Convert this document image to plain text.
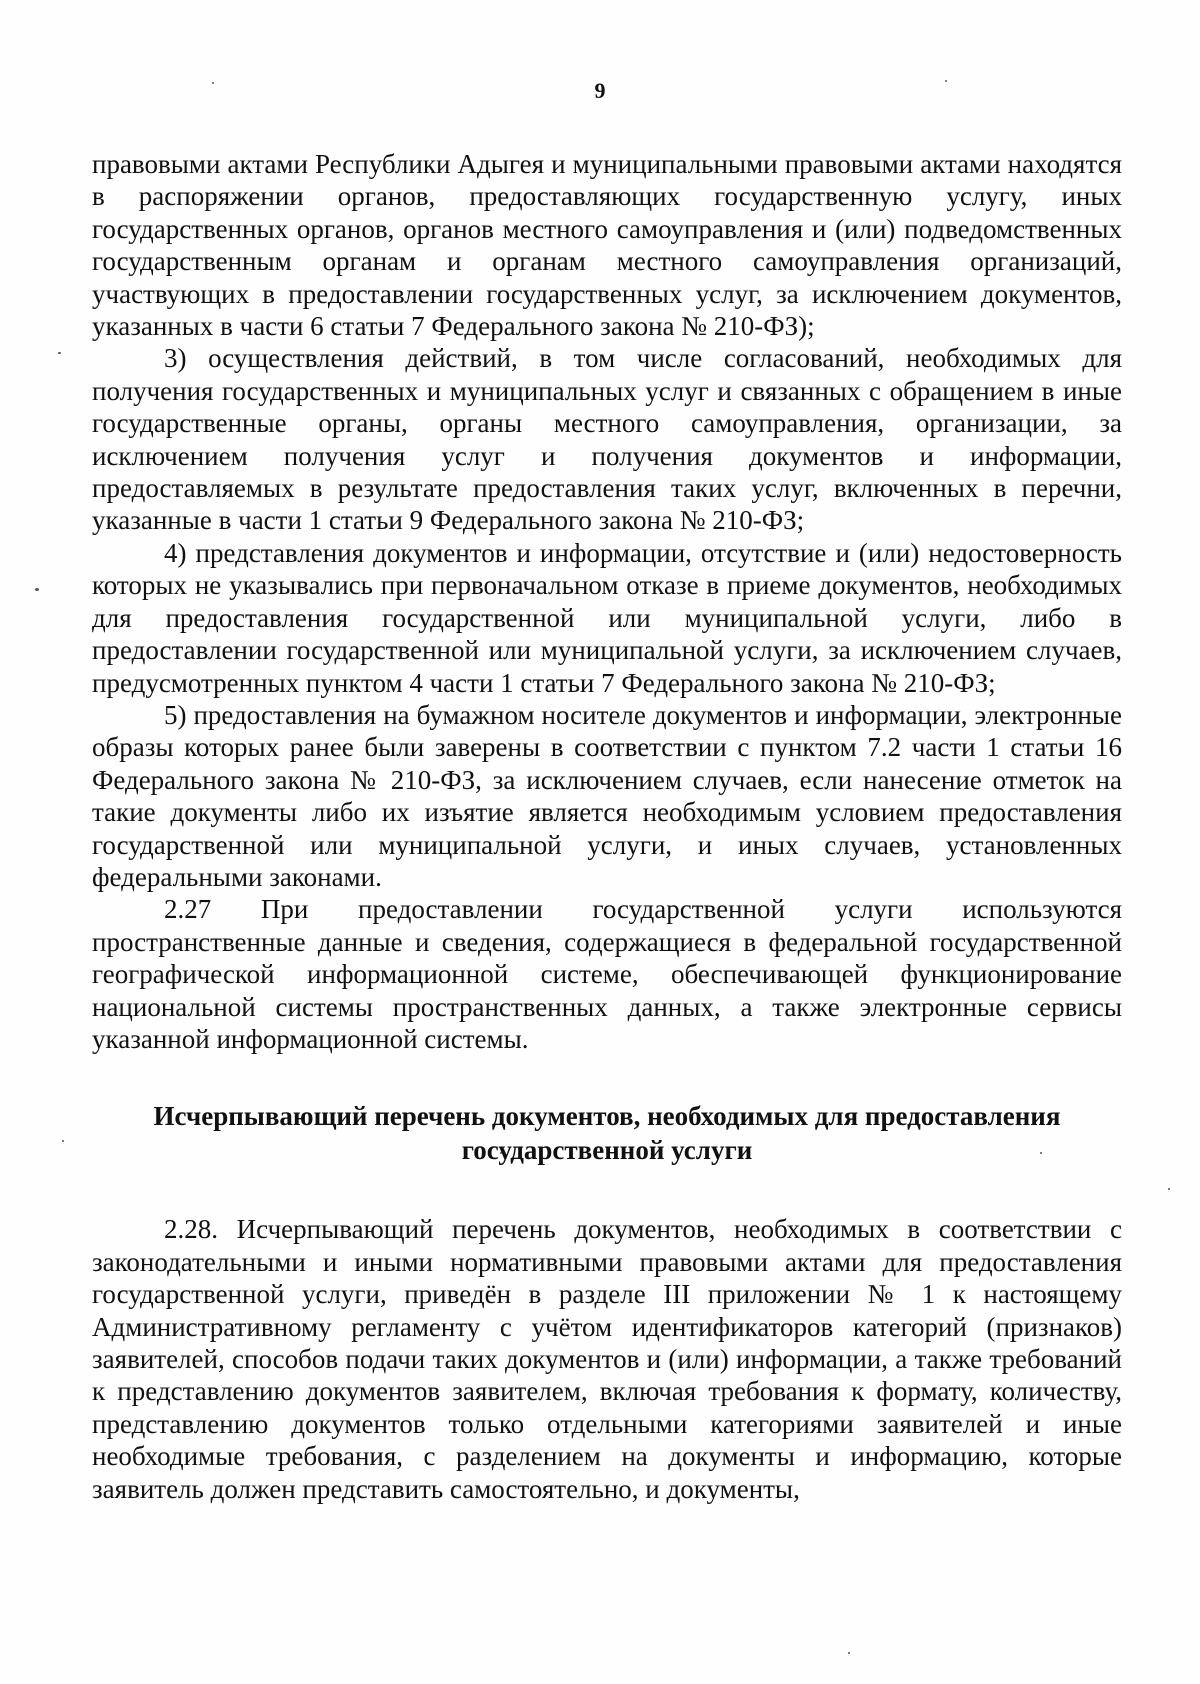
9

правовыми актами Республики Адыгея и муниципальными правовыми актами находятся в распоряжении органов, предоставляющих государственную услугу, иных государственных органов, органов местного самоуправления и (или) подведомственных государственным органам и органам местного самоуправления организаций, участвующих в предоставлении государственных услуг, за исключением документов, указанных в части 6 статьи 7 Федерального закона № 210-ФЗ);

3) осуществления действий, в том числе согласований, необходимых для получения государственных и муниципальных услуг и связанных с обращением в иные государственные органы, органы местного самоуправления, организации, за исключением получения услуг и получения документов и информации, предоставляемых в результате предоставления таких услуг, включенных в перечни, указанные в части 1 статьи 9 Федерального закона № 210-ФЗ;

4) представления документов и информации, отсутствие и (или) недостоверность которых не указывались при первоначальном отказе в приеме документов, необходимых для предоставления государственной или муниципальной услуги, либо в предоставлении государственной или муниципальной услуги, за исключением случаев, предусмотренных пунктом 4 части 1 статьи 7 Федерального закона № 210-ФЗ;

5) предоставления на бумажном носителе документов и информации, электронные образы которых ранее были заверены в соответствии с пунктом 7.2 части 1 статьи 16 Федерального закона № 210-ФЗ, за исключением случаев, если нанесение отметок на такие документы либо их изъятие является необходимым условием предоставления государственной или муниципальной услуги, и иных случаев, установленных федеральными законами.

2.27 При предоставлении государственной услуги используются пространственные данные и сведения, содержащиеся в федеральной государственной географической информационной системе, обеспечивающей функционирование национальной системы пространственных данных, а также электронные сервисы указанной информационной системы.

Исчерпывающий перечень документов, необходимых для предоставления государственной услуги

2.28. Исчерпывающий перечень документов, необходимых в соответствии с законодательными и иными нормативными правовыми актами для предоставления государственной услуги, приведён в разделе III приложении № 1 к настоящему Административному регламенту с учётом идентификаторов категорий (признаков) заявителей, способов подачи таких документов и (или) информации, а также требований к представлению документов заявителем, включая требования к формату, количеству, представлению документов только отдельными категориями заявителей и иные необходимые требования, с разделением на документы и информацию, которые заявитель должен представить самостоятельно, и документы,
